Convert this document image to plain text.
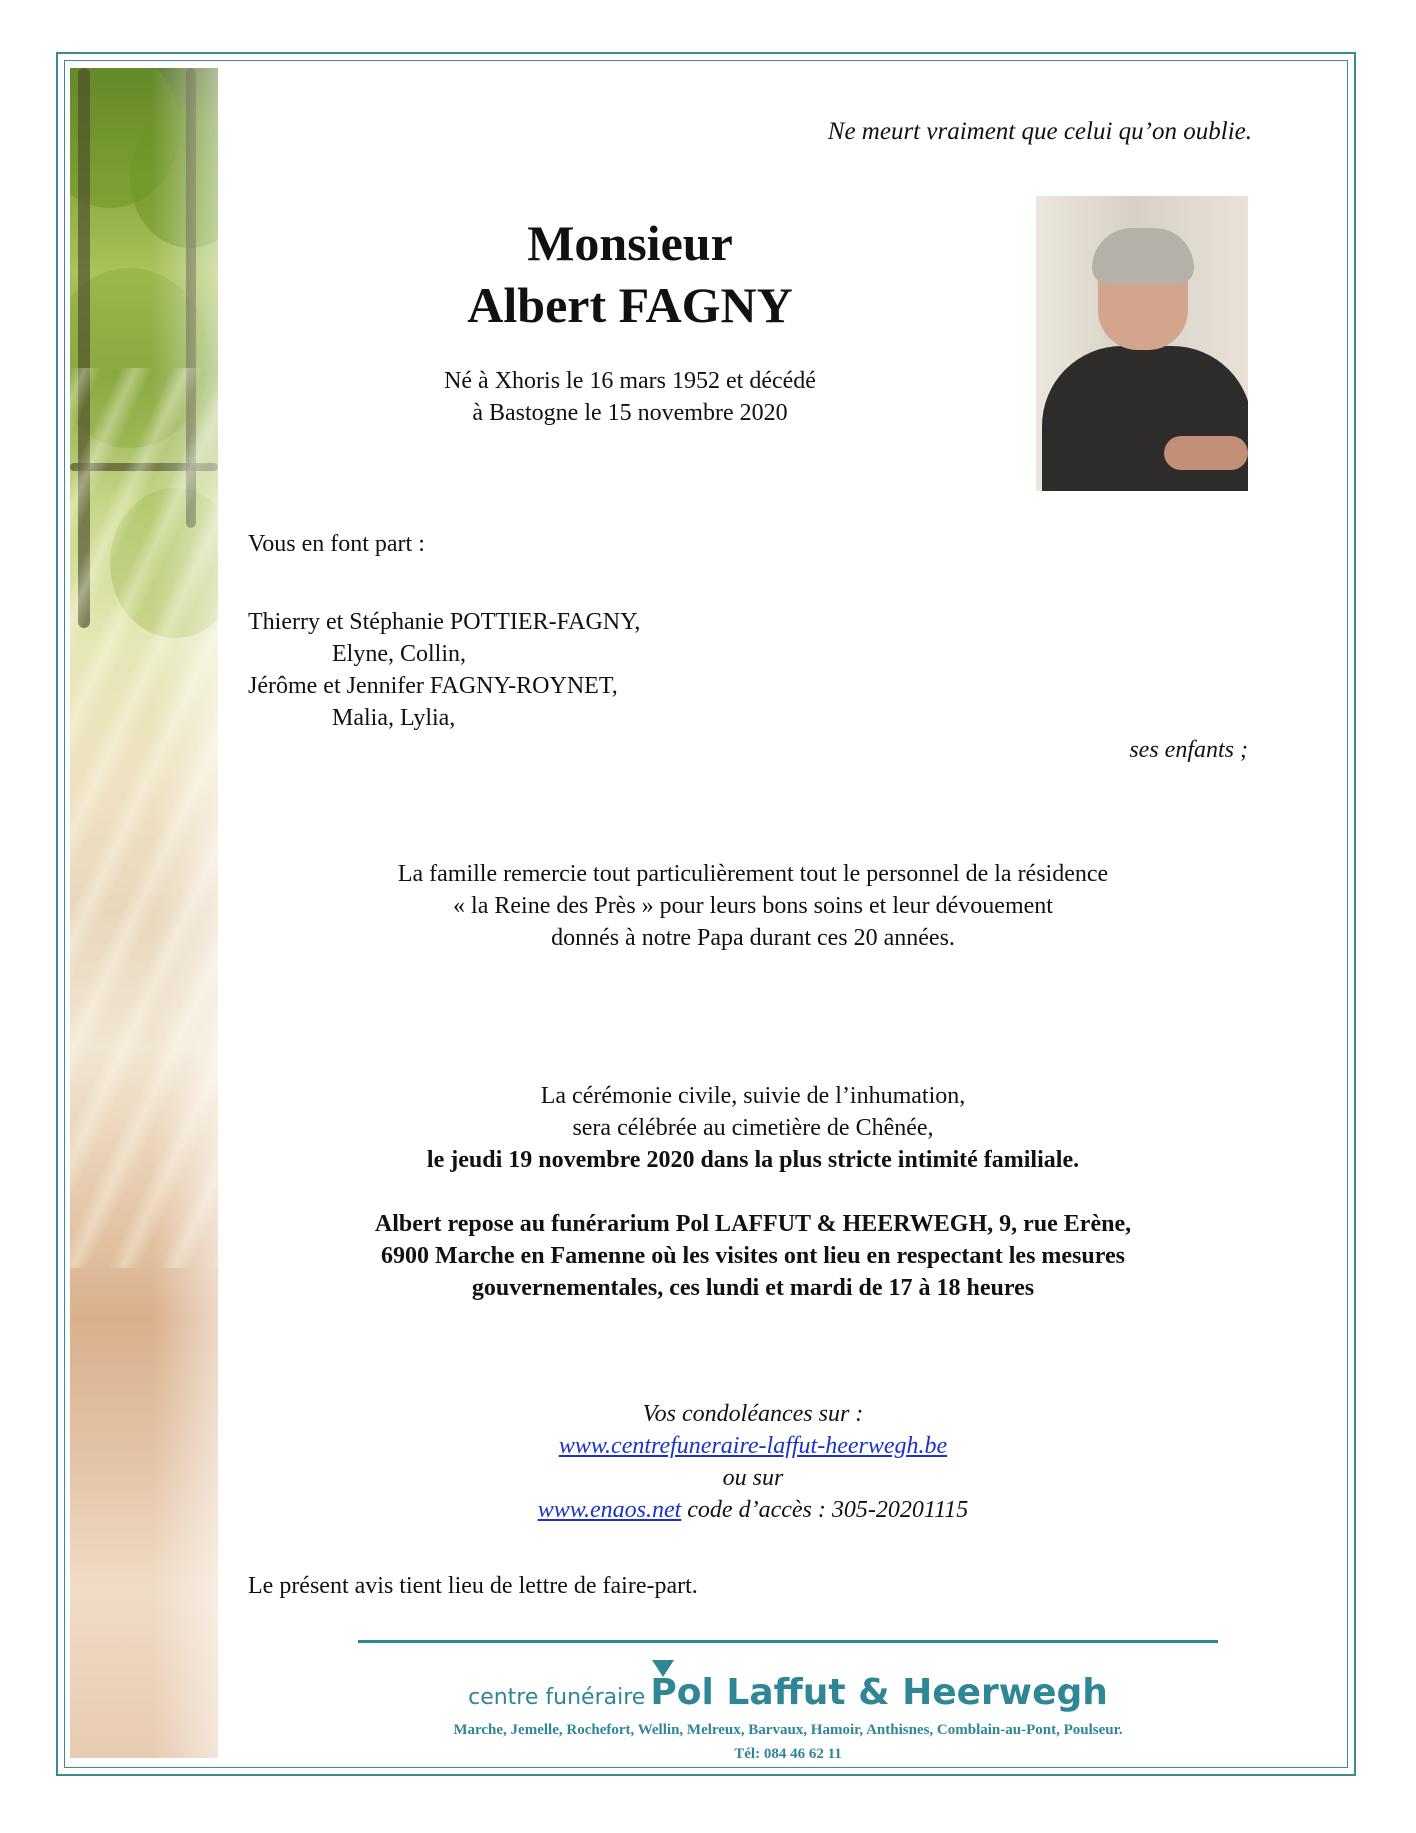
Ne meurt vraiment que celui qu’on oublie.
Monsieur
Albert FAGNY
Né à Xhoris le 16 mars 1952 et décédé
à Bastogne le 15 novembre 2020
Vous en font part :
Thierry et Stéphanie POTTIER-FAGNY,
Elyne, Collin,
Jérôme et Jennifer FAGNY-ROYNET,
Malia, Lylia,
ses enfants ;
La famille remercie tout particulièrement tout le personnel de la résidence
« la Reine des Près » pour leurs bons soins et leur dévouement
donnés à notre Papa durant ces 20 années.
La cérémonie civile, suivie de l’inhumation,
sera célébrée au cimetière de Chênée,
le jeudi 19 novembre 2020 dans la plus stricte intimité familiale.
Albert repose au funérarium Pol LAFFUT & HEERWEGH, 9, rue Erène,
6900 Marche en Famenne où les visites ont lieu en respectant les mesures
gouvernementales, ces lundi et mardi de 17 à 18 heures
Vos condoléances sur :
www.centrefuneraire-laffut-heerwegh.be
ou sur
www.enaos.net code d’accès : 305-20201115
Le présent avis tient lieu de lettre de faire-part.
centre funéraire Pol Laffut & Heerwegh
Marche, Jemelle, Rochefort, Wellin, Melreux, Barvaux, Hamoir, Anthisnes, Comblain-au-Pont, Poulseur.
Tél: 084 46 62 11
